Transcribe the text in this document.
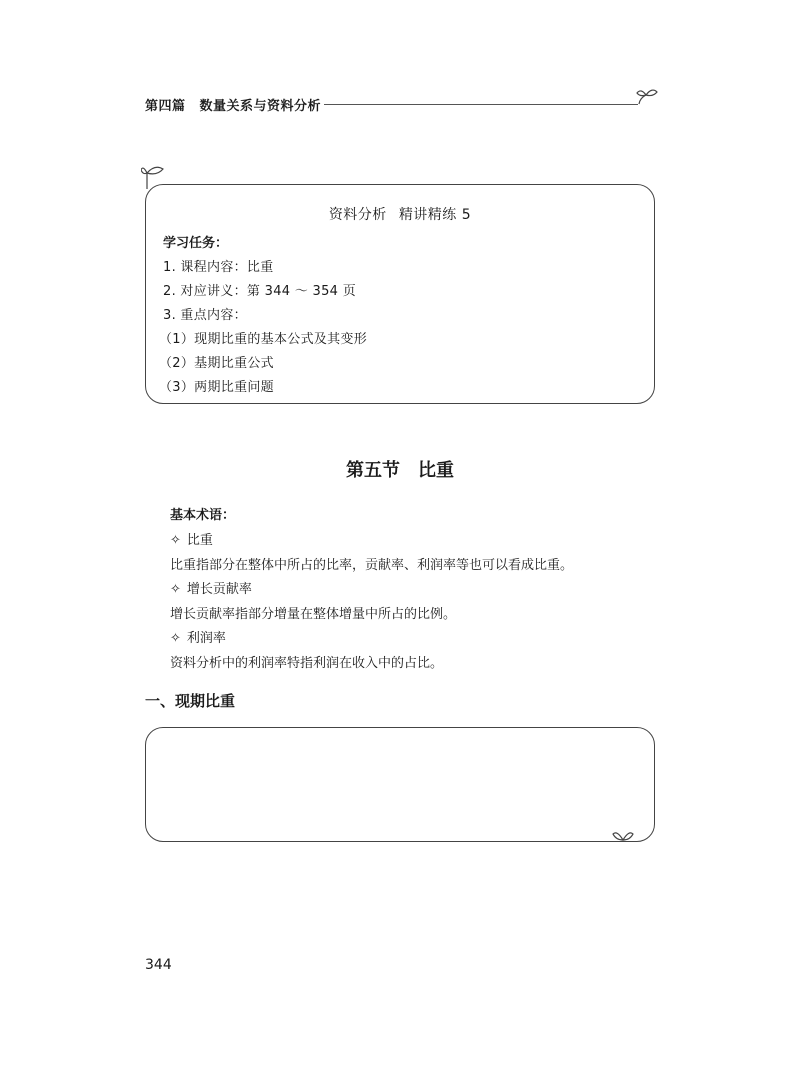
第四篇 数量关系与资料分析
资料分析 精讲精练 5
学习任务：
1. 课程内容：比重
2. 对应讲义：第 344 ～ 354 页
3. 重点内容：
（1）现期比重的基本公式及其变形
（2）基期比重公式
（3）两期比重问题
第五节 比重
基本术语：
✧ 比重
比重指部分在整体中所占的比率，贡献率、利润率等也可以看成比重。
✧ 增长贡献率
增长贡献率指部分增量在整体增量中所占的比例。
✧ 利润率
资料分析中的利润率特指利润在收入中的占比。
一、现期比重
344
